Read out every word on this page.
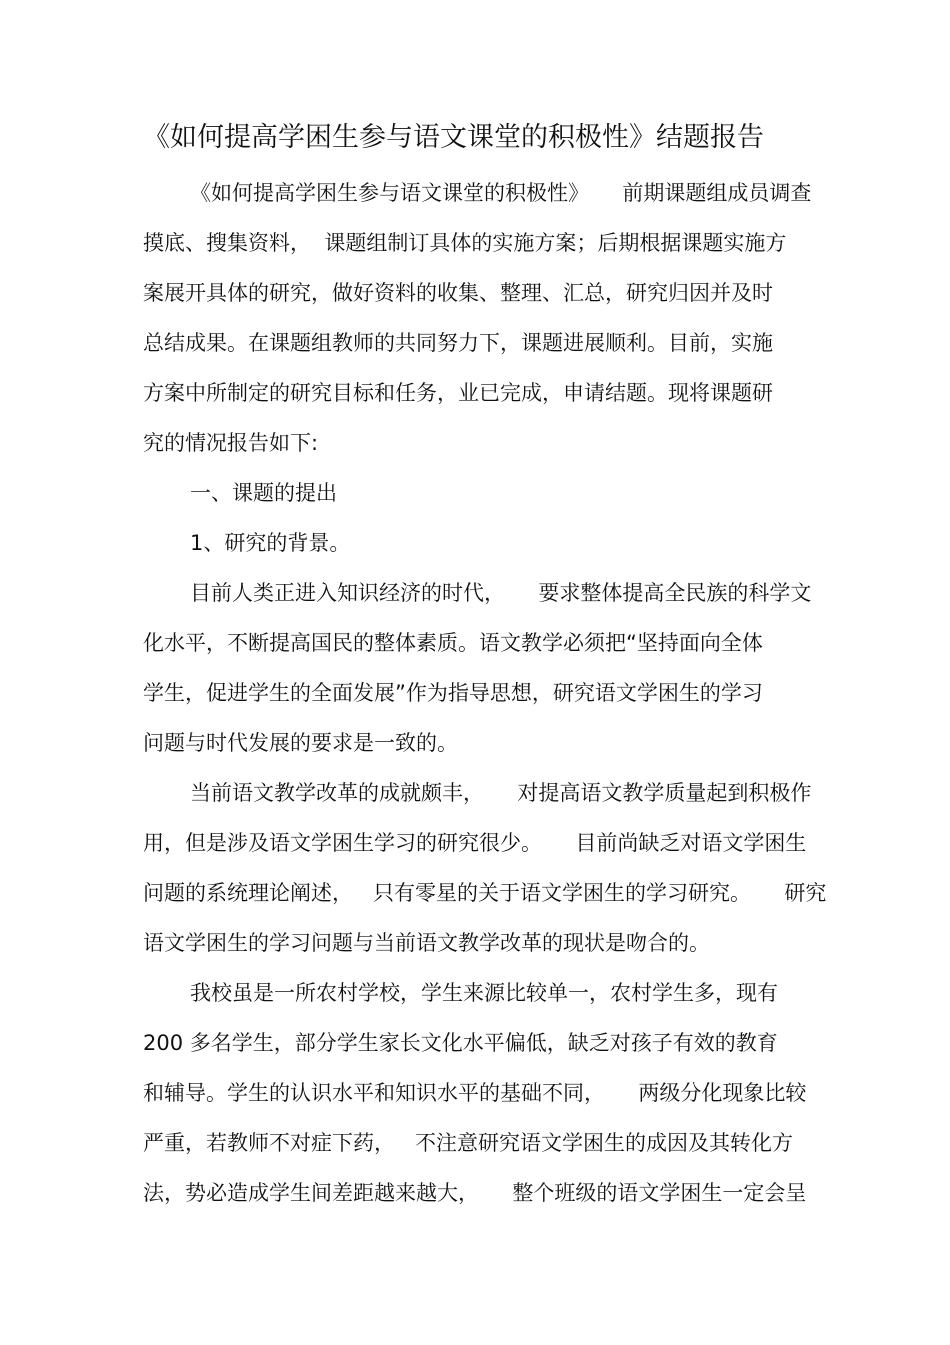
《如何提高学困生参与语文课堂的积极性》结题报告
《如何提高学困生参与语文课堂的积极性》     前期课题组成员调查
摸底、搜集资料，  课题组制订具体的实施方案；后期根据课题实施方
案展开具体的研究，做好资料的收集、整理、汇总，研究归因并及时
总结成果。在课题组教师的共同努力下，课题进展顺利。目前，实施
方案中所制定的研究目标和任务，业已完成，申请结题。现将课题研
究的情况报告如下:
一、课题的提出
1、研究的背景。
目前人类正进入知识经济的时代，     要求整体提高全民族的科学文
化水平，不断提高国民的整体素质。语文教学必须把“坚持面向全体
学生，促进学生的全面发展”作为指导思想，研究语文学困生的学习
问题与时代发展的要求是一致的。
当前语文教学改革的成就颇丰，     对提高语文教学质量起到积极作
用，但是涉及语文学困生学习的研究很少。     目前尚缺乏对语文学困生
问题的系统理论阐述，   只有零星的关于语文学困生的学习研究。     研究
语文学困生的学习问题与当前语文教学改革的现状是吻合的。
我校虽是一所农村学校，学生来源比较单一，农村学生多，现有
200 多名学生，部分学生家长文化水平偏低，缺乏对孩子有效的教育
和辅导。学生的认识水平和知识水平的基础不同，     两级分化现象比较
严重，若教师不对症下药，   不注意研究语文学困生的成因及其转化方
法，势必造成学生间差距越来越大，     整个班级的语文学困生一定会呈
